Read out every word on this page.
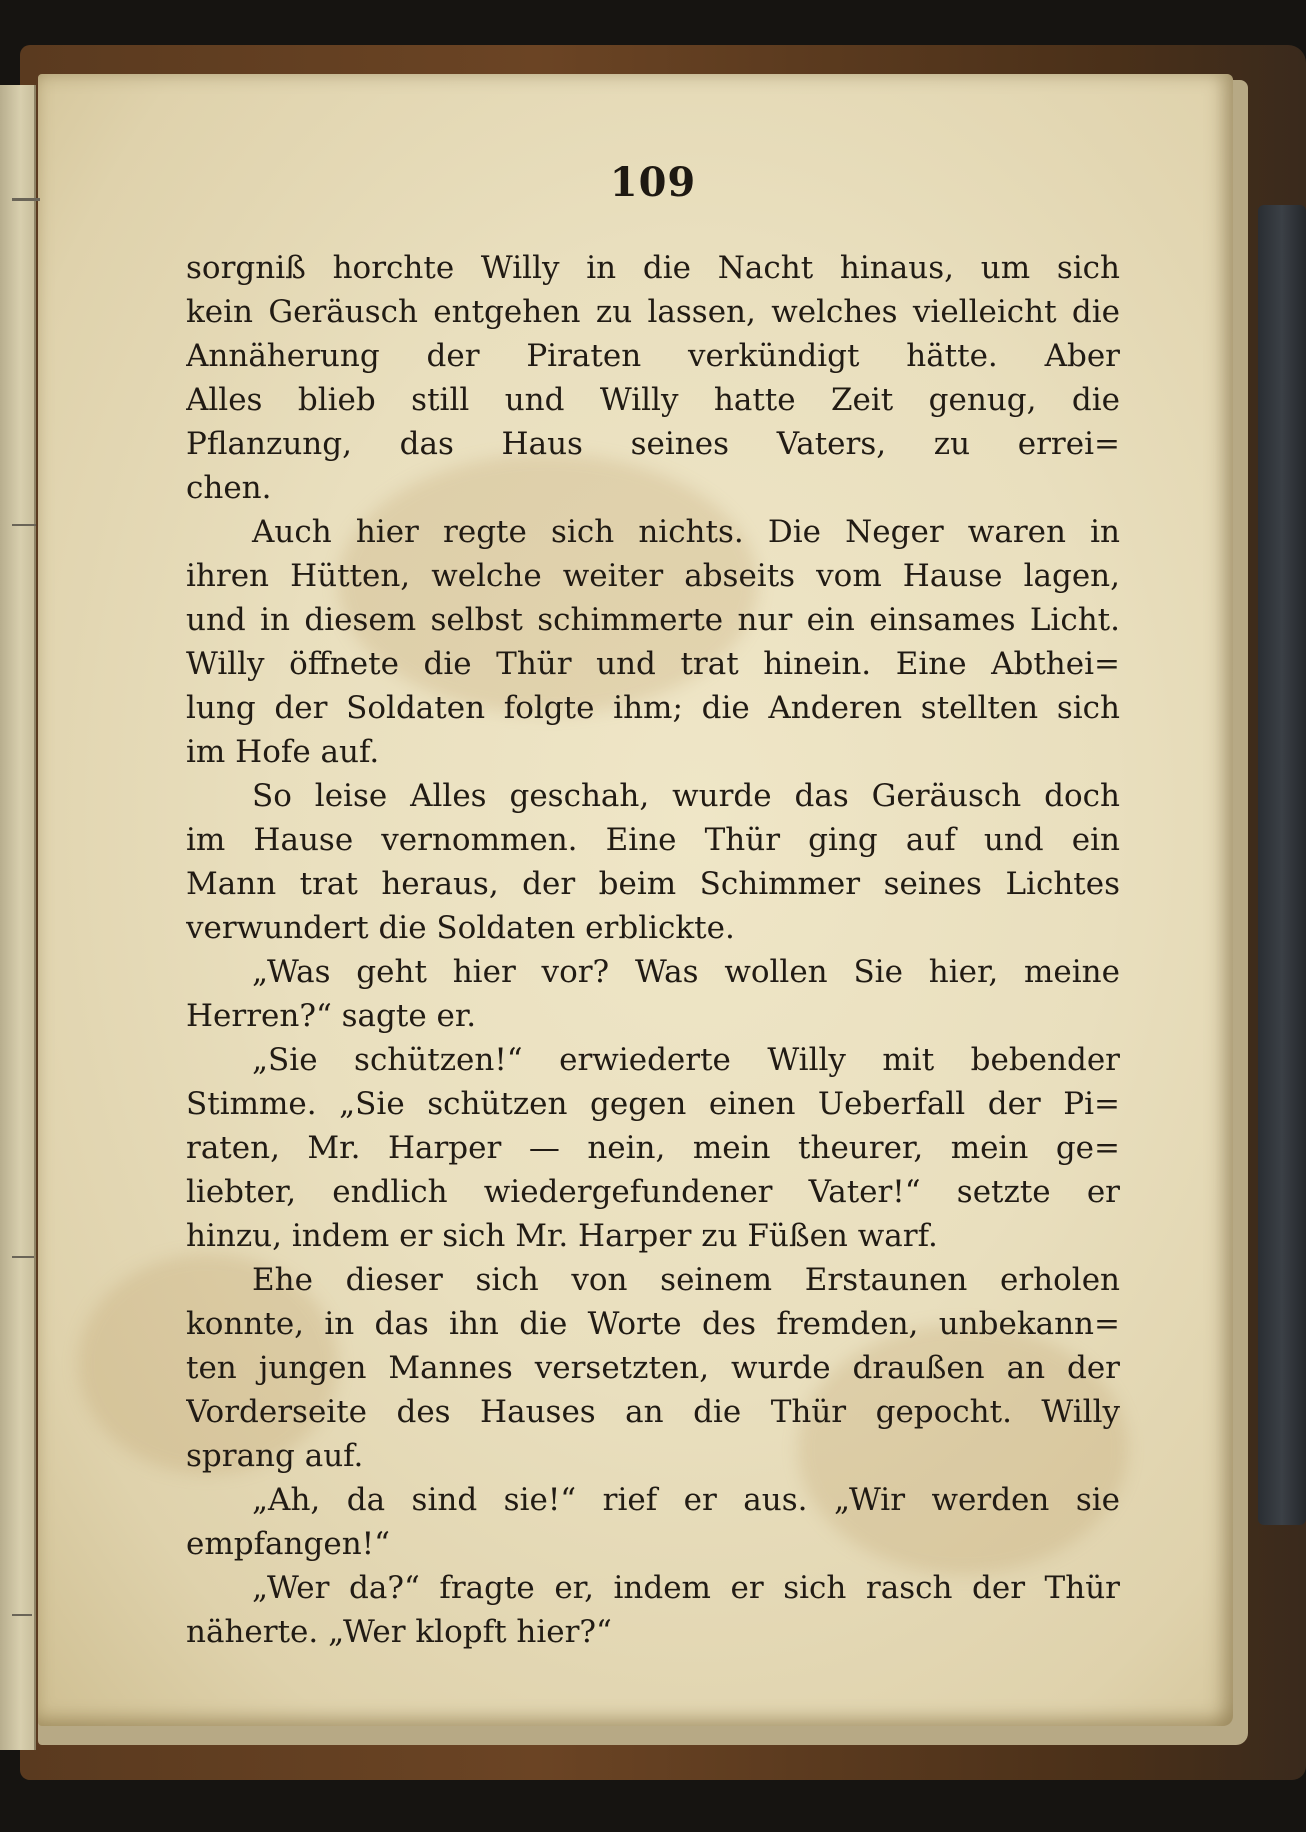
109
sorgniß horchte Willy in die Nacht hinaus, um sich
kein Geräusch entgehen zu lassen, welches vielleicht die
Annäherung der Piraten verkündigt hätte. Aber
Alles blieb still und Willy hatte Zeit genug, die
Pflanzung, das Haus seines Vaters, zu errei=
chen.
Auch hier regte sich nichts. Die Neger waren in
ihren Hütten, welche weiter abseits vom Hause lagen,
und in diesem selbst schimmerte nur ein einsames Licht.
Willy öffnete die Thür und trat hinein. Eine Abthei=
lung der Soldaten folgte ihm; die Anderen stellten sich
im Hofe auf.
So leise Alles geschah, wurde das Geräusch doch
im Hause vernommen. Eine Thür ging auf und ein
Mann trat heraus, der beim Schimmer seines Lichtes
verwundert die Soldaten erblickte.
„Was geht hier vor? Was wollen Sie hier, meine
Herren?“ sagte er.
„Sie schützen!“ erwiederte Willy mit bebender
Stimme. „Sie schützen gegen einen Ueberfall der Pi=
raten, Mr. Harper — nein, mein theurer, mein ge=
liebter, endlich wiedergefundener Vater!“ setzte er
hinzu, indem er sich Mr. Harper zu Füßen warf.
Ehe dieser sich von seinem Erstaunen erholen
konnte, in das ihn die Worte des fremden, unbekann=
ten jungen Mannes versetzten, wurde draußen an der
Vorderseite des Hauses an die Thür gepocht. Willy
sprang auf.
„Ah, da sind sie!“ rief er aus. „Wir werden sie
empfangen!“
„Wer da?“ fragte er, indem er sich rasch der Thür
näherte. „Wer klopft hier?“
